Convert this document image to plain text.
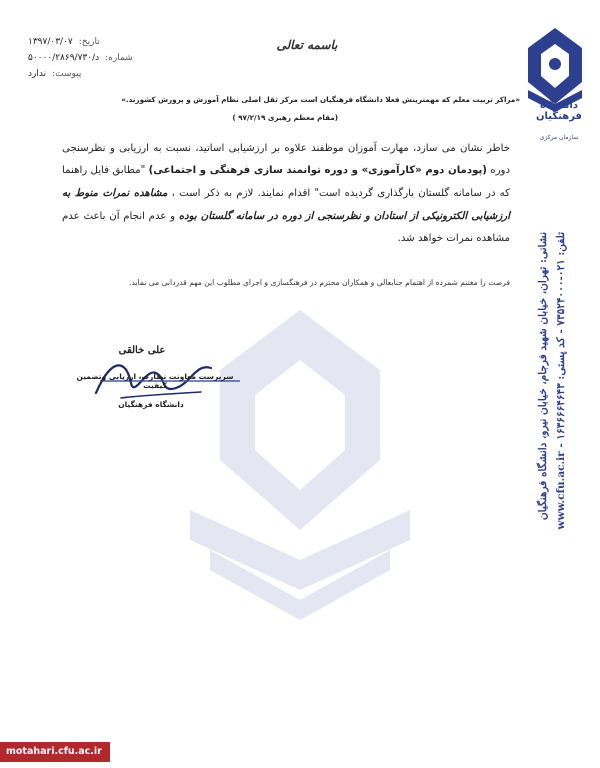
دانشگاه فرهنگیان
سازمان مرکزی
نشانی: تهران، خیابان شهید فرجام، خیابان نیرو، دانشگاه فرهنگیان تلفن: ۰۲۱-۷۳۵۲۴۰۰۰ - کد پستی: ۱۶۳۶۶۶۴۶۴۳ - www.cfu.ac.ir
باسمه تعالی
تاریخ:
۱۳۹۷/۰۳/۰۷
شماره:
۵۰۰۰۰/۲۸۶۹/۷۳۰/د
پیوست:
ندارد
«مراکز تربیت معلم که مهمترینش فعلا دانشگاه فرهنگیان است مرکز ثقل اصلی نظام آموزش و پرورش کشورند.»
(مقام معظم رهبری ۹۷/۲/۱۹ )
خاطر نشان می سازد، مهارت آموزان موظفند علاوه بر ارزشیابی اساتید، نسبت به ارزیابی و نظرسنجی دوره (پودمان دوم «کارآموزی» و دوره توانمند سازی فرهنگی و اجتماعی) "مطابق فایل راهنما که در سامانه گلستان بارگذاری گردیده است" اقدام نمایند. لازم به ذکر است ، مشاهده نمرات منوط به ارزشیابی الکترونیکی از استادان و نظرسنجی از دوره در سامانه گلستان بوده و عدم انجام آن باعث عدم مشاهده نمرات خواهد شد.
فرصت را مغتنم شمرده از اهتمام جنابعالی و همکاران محترم در فرهنگسازی و اجرای مطلوب این مهم قدردانی می نماید.
علی خالقی
سرپرست معاونت نظارت، ارزیابی وتضمین کیفیت
دانشگاه فرهنگیان
motahari.cfu.ac.ir
